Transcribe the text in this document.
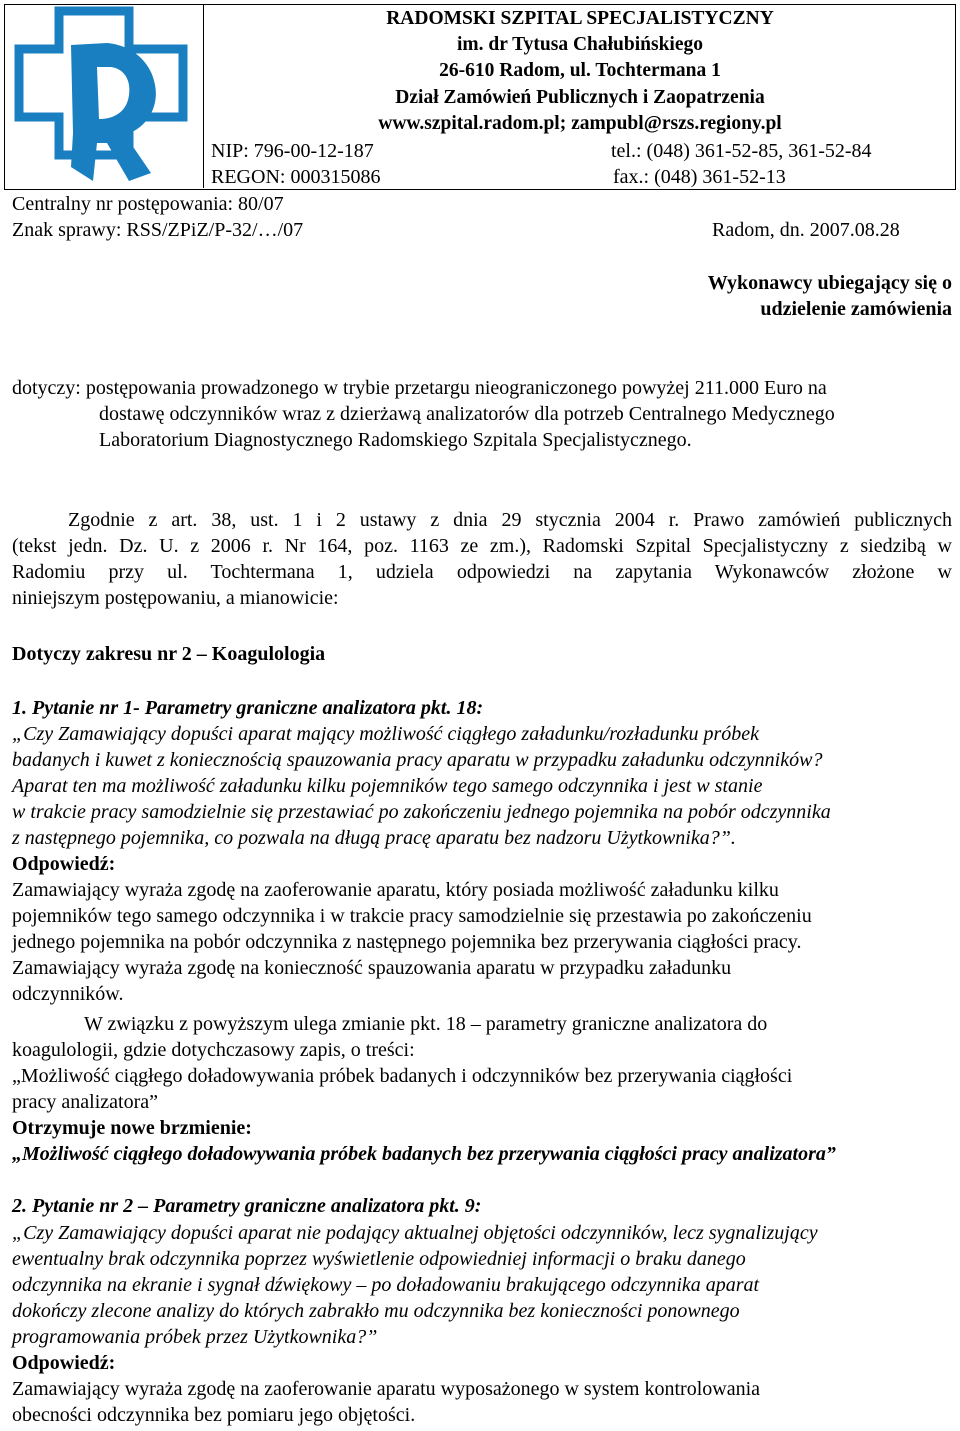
RADOMSKI SZPITAL SPECJALISTYCZNY
im. dr Tytusa Chałubińskiego
26-610 Radom, ul. Tochtermana 1
Dział Zamówień Publicznych i Zaopatrzenia
www.szpital.radom.pl; zampubl@rszs.regiony.pl
NIP: 796-00-12-187	tel.: (048) 361-52-85, 361-52-84
REGON: 000315086	fax.: (048) 361-52-13
Centralny nr postępowania: 80/07
Znak sprawy: RSS/ZPiZ/P-32/…/07	Radom, dn. 2007.08.28
Wykonawcy ubiegający się o
udzielenie zamówienia
dotyczy: postępowania prowadzonego w trybie przetargu nieograniczonego powyżej 211.000 Euro na
dostawę odczynników wraz z dzierżawą analizatorów dla potrzeb Centralnego Medycznego
Laboratorium Diagnostycznego Radomskiego Szpitala Specjalistycznego.
Zgodnie z art. 38, ust. 1 i 2 ustawy z dnia 29 stycznia 2004 r. Prawo zamówień publicznych
(tekst jedn. Dz. U. z 2006 r. Nr 164, poz. 1163 ze zm.), Radomski Szpital Specjalistyczny z siedzibą w
Radomiu przy ul. Tochtermana 1, udziela odpowiedzi na zapytania Wykonawców złożone w
niniejszym postępowaniu, a mianowicie:
Dotyczy zakresu nr 2 – Koagulologia
1. Pytanie nr 1- Parametry graniczne analizatora pkt. 18:
„Czy Zamawiający dopuści aparat mający możliwość ciągłego załadunku/rozładunku próbek
badanych i kuwet z koniecznością spauzowania pracy aparatu w przypadku załadunku odczynników?
Aparat ten ma możliwość załadunku kilku pojemników tego samego odczynnika i jest w stanie
w trakcie pracy samodzielnie się przestawiać po zakończeniu jednego pojemnika na pobór odczynnika
z następnego pojemnika, co pozwala na długą pracę aparatu bez nadzoru Użytkownika?”.
Odpowiedź:
Zamawiający wyraża zgodę na zaoferowanie aparatu, który posiada możliwość załadunku kilku
pojemników tego samego odczynnika i w trakcie pracy samodzielnie się przestawia po zakończeniu
jednego pojemnika na pobór odczynnika z następnego pojemnika bez przerywania ciągłości pracy.
Zamawiający wyraża zgodę na konieczność spauzowania aparatu w przypadku załadunku
odczynników.
W związku z powyższym ulega zmianie pkt. 18 – parametry graniczne analizatora do
koagulologii, gdzie dotychczasowy zapis, o treści:
„Możliwość ciągłego doładowywania próbek badanych i odczynników bez przerywania ciągłości
pracy analizatora”
Otrzymuje nowe brzmienie:
„Możliwość ciągłego doładowywania próbek badanych bez przerywania ciągłości pracy analizatora”
2. Pytanie nr 2 – Parametry graniczne analizatora pkt. 9:
„Czy Zamawiający dopuści aparat nie podający aktualnej objętości odczynników, lecz sygnalizujący
ewentualny brak odczynnika poprzez wyświetlenie odpowiedniej informacji o braku danego
odczynnika na ekranie i sygnał dźwiękowy – po doładowaniu brakującego odczynnika aparat
dokończy zlecone analizy do których zabrakło mu odczynnika bez konieczności ponownego
programowania próbek przez Użytkownika?”
Odpowiedź:
Zamawiający wyraża zgodę na zaoferowanie aparatu wyposażonego w system kontrolowania
obecności odczynnika bez pomiaru jego objętości.
